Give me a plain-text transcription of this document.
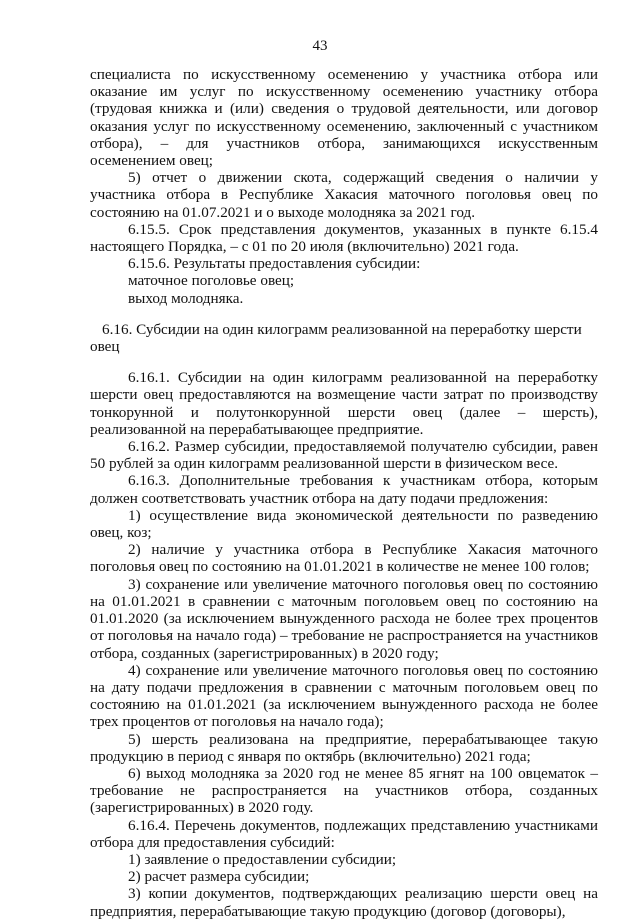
43

специалиста по искусственному осеменению у участника отбора или оказание им услуг по искусственному осеменению участнику отбора (трудовая книжка и (или) сведения о трудовой деятельности, или договор оказания услуг по искусственному осеменению, заключенный с участником отбора), – для участников отбора, занимающихся искусственным осеменением овец;

5) отчет о движении скота, содержащий сведения о наличии у участника отбора в Республике Хакасия маточного поголовья овец по состоянию на 01.07.2021 и о выходе молодняка за 2021 год.

6.15.5. Срок представления документов, указанных в пункте 6.15.4 настоящего Порядка, – с 01 по 20 июля (включительно) 2021 года.

6.15.6. Результаты предоставления субсидии:

маточное поголовье овец;

выход молодняка.

6.16. Субсидии на один килограмм реализованной на переработку шерсти овец

6.16.1. Субсидии на один килограмм реализованной на переработку шерсти овец предоставляются на возмещение части затрат по производству тонкорунной и полутонкорунной шерсти овец (далее – шерсть), реализованной на перерабатывающее предприятие.

6.16.2. Размер субсидии, предоставляемой получателю субсидии, равен 50 рублей за один килограмм реализованной шерсти в физическом весе.

6.16.3. Дополнительные требования к участникам отбора, которым должен соответствовать участник отбора на дату подачи предложения:

1) осуществление вида экономической деятельности по разведению овец, коз;

2) наличие у участника отбора в Республике Хакасия маточного поголовья овец по состоянию на 01.01.2021 в количестве не менее 100 голов;

3) сохранение или увеличение маточного поголовья овец по состоянию на 01.01.2021 в сравнении с маточным поголовьем овец по состоянию на 01.01.2020 (за исключением вынужденного расхода не более трех процентов от поголовья на начало года) – требование не распространяется на участников отбора, созданных (зарегистрированных) в 2020 году;

4) сохранение или увеличение маточного поголовья овец по состоянию на дату подачи предложения в сравнении с маточным поголовьем овец по состоянию на 01.01.2021 (за исключением вынужденного расхода не более трех процентов от поголовья на начало года);

5) шерсть реализована на предприятие, перерабатывающее такую продукцию в период с января по октябрь (включительно) 2021 года;

6) выход молодняка за 2020 год не менее 85 ягнят на 100 овцематок – требование не распространяется на участников отбора, созданных (зарегистрированных) в 2020 году.

6.16.4. Перечень документов, подлежащих представлению участниками отбора для предоставления субсидий:

1) заявление о предоставлении субсидии;

2) расчет размера субсидии;

3) копии документов, подтверждающих реализацию шерсти овец на предприятия, перерабатывающие такую продукцию (договор (договоры),
